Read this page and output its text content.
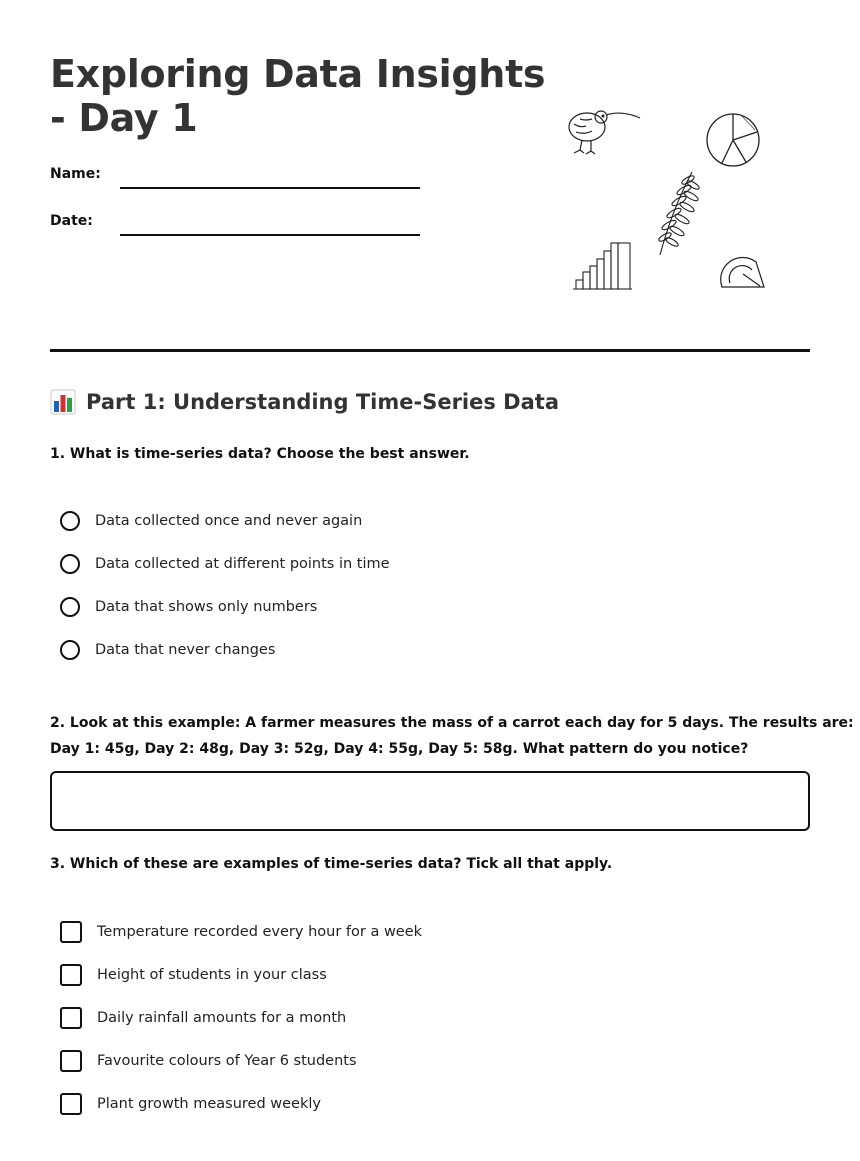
Exploring Data Insights
- Day 1
Name:
Date:
Part 1: Understanding Time-Series Data

1. What is time-series data? Choose the best answer.

Data collected once and never again
Data collected at different points in time
Data that shows only numbers
Data that never changes

2. Look at this example: A farmer measures the mass of a carrot each day for 5 days. The results are:
Day 1: 45g, Day 2: 48g, Day 3: 52g, Day 4: 55g, Day 5: 58g. What pattern do you notice?

3. Which of these are examples of time-series data? Tick all that apply.

Temperature recorded every hour for a week
Height of students in your class
Daily rainfall amounts for a month
Favourite colours of Year 6 students
Plant growth measured weekly
